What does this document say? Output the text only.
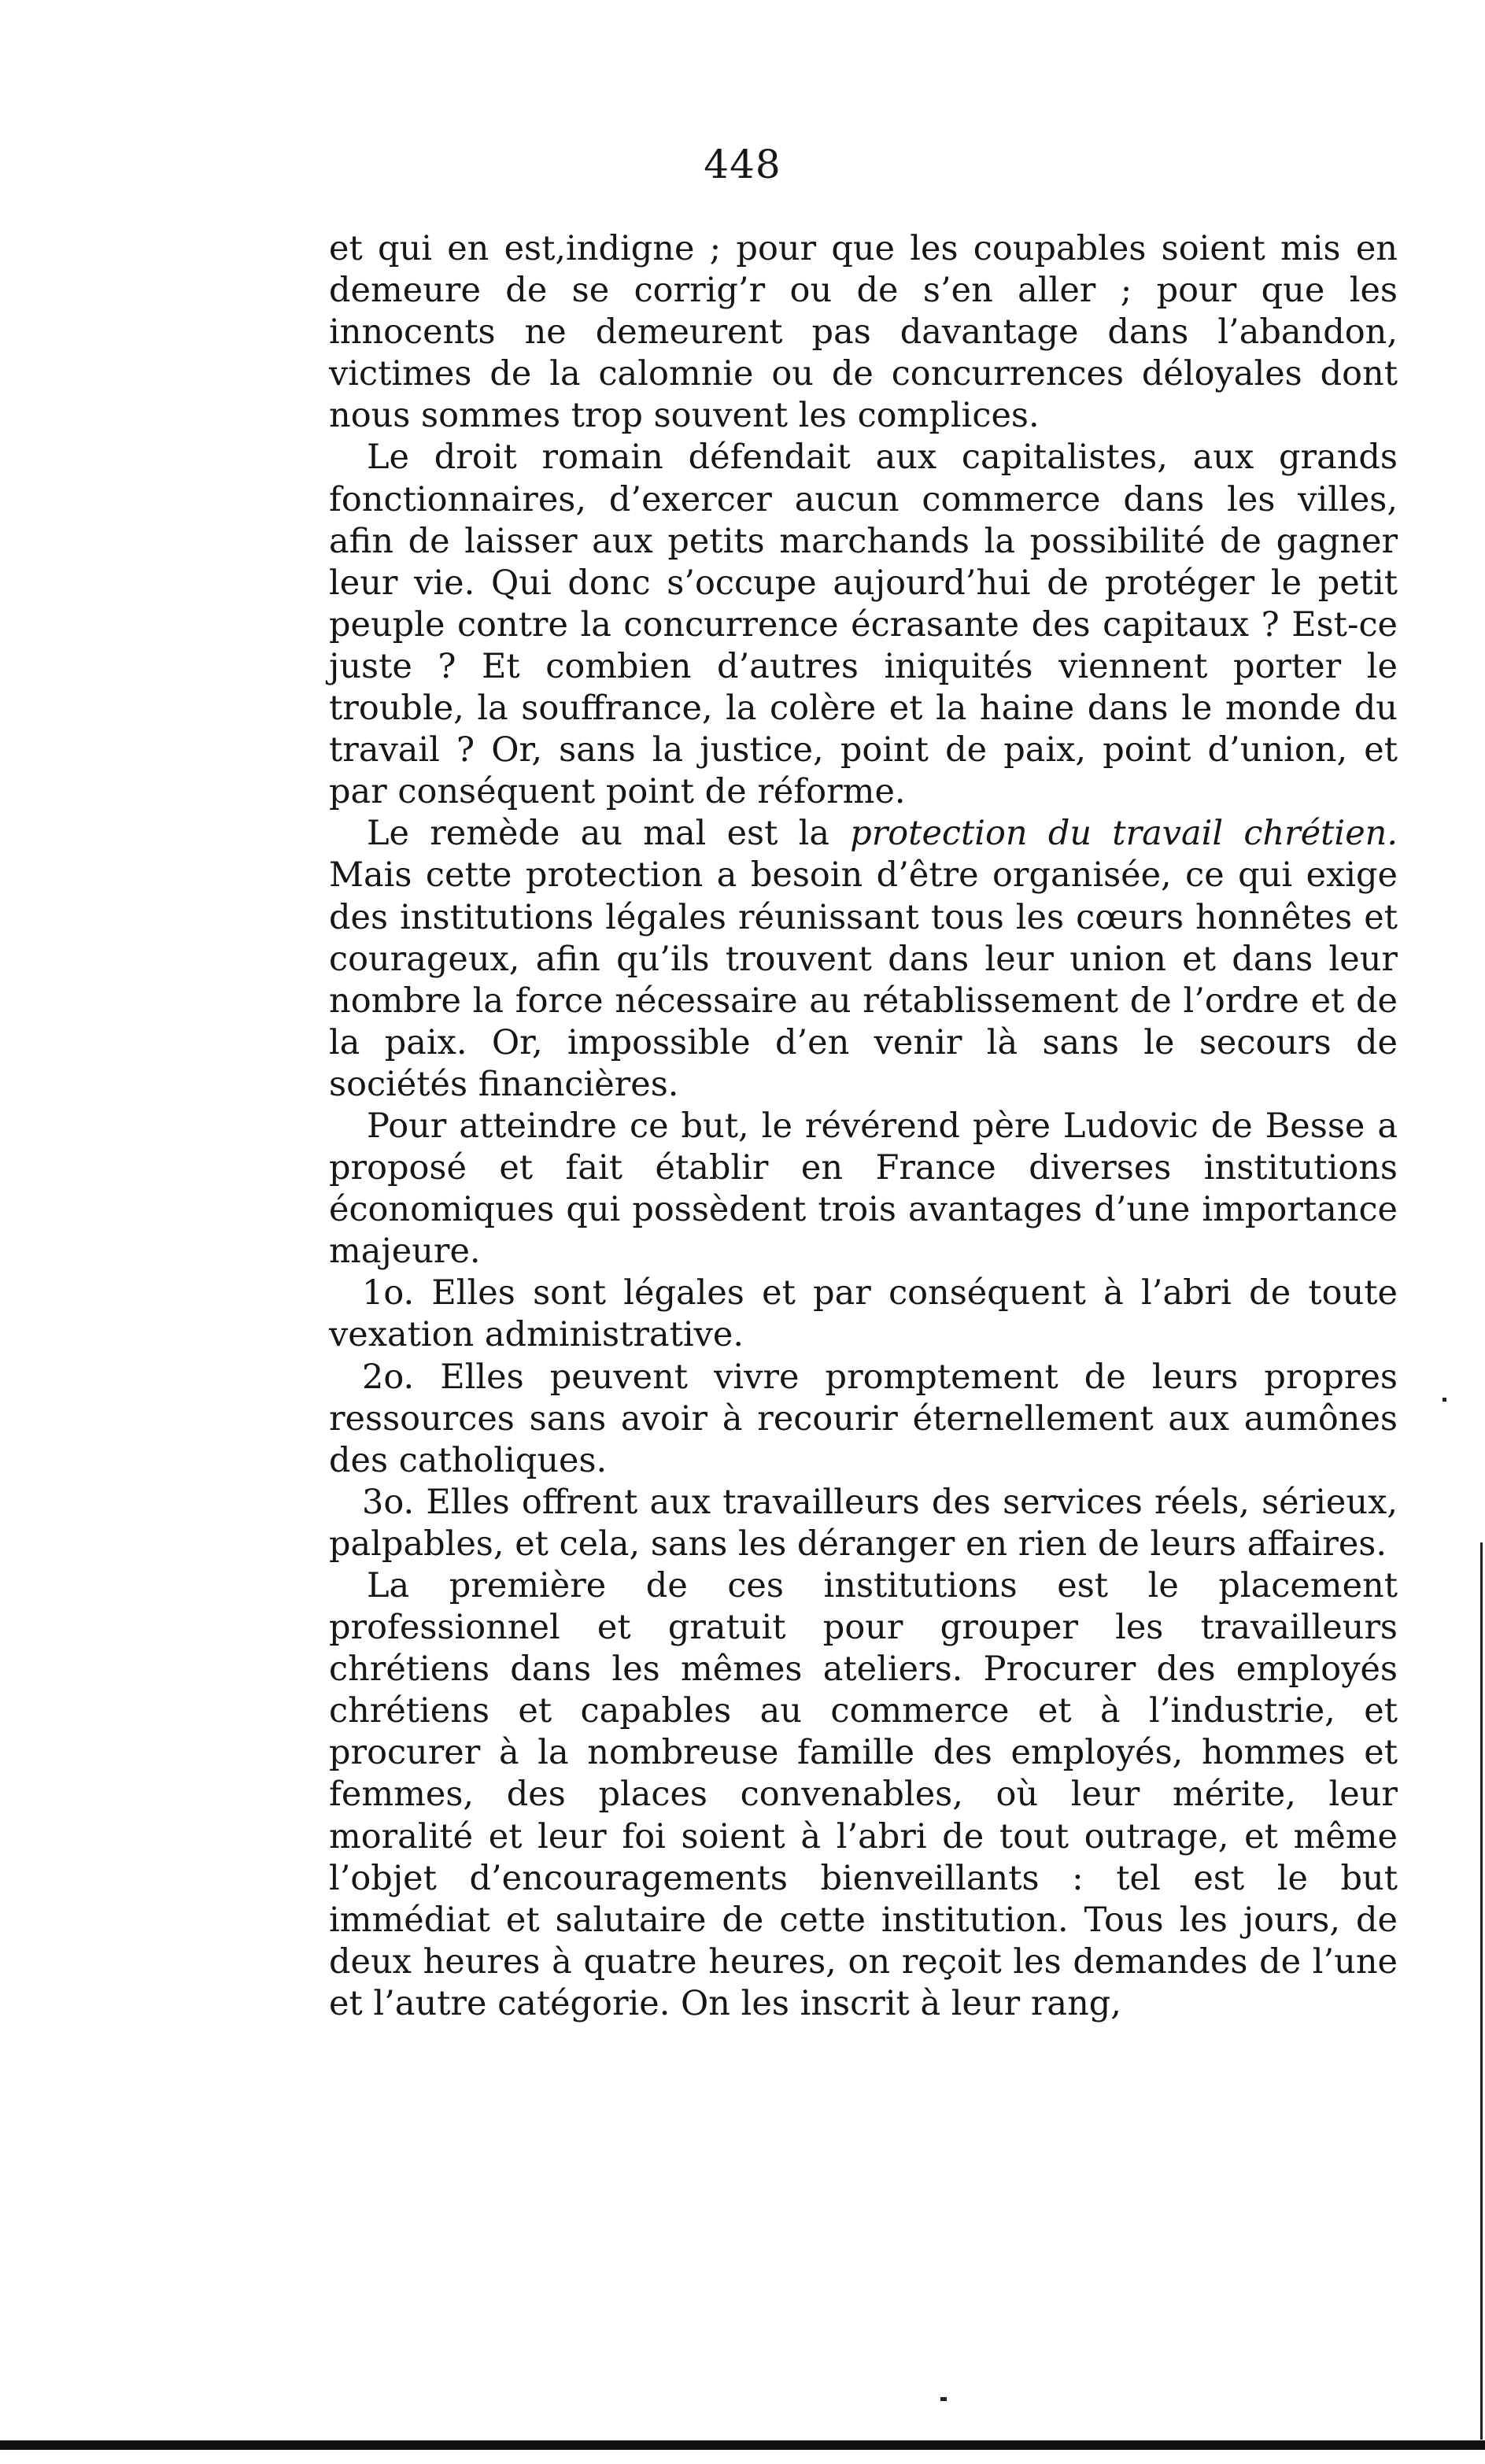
448

et qui en est,indigne ; pour que les coupables soient mis en demeure de se corrig’r ou de s’en aller ; pour que les innocents ne demeurent pas davantage dans l’abandon, victimes de la calomnie ou de concurrences déloyales dont nous sommes trop souvent les complices.

Le droit romain défendait aux capitalistes, aux grands fonctionnaires, d’exercer aucun commerce dans les villes, afin de laisser aux petits marchands la possibilité de gagner leur vie. Qui donc s’occupe aujourd’hui de protéger le petit peuple contre la concurrence écrasante des capitaux ? Est-ce juste ? Et combien d’autres iniquités viennent porter le trouble, la souffrance, la colère et la haine dans le monde du travail ? Or, sans la justice, point de paix, point d’union, et par conséquent point de réforme.

Le remède au mal est la protection du travail chrétien. Mais cette protection a besoin d’être organisée, ce qui exige des institutions légales réunissant tous les cœurs honnêtes et courageux, afin qu’ils trouvent dans leur union et dans leur nombre la force nécessaire au rétablissement de l’ordre et de la paix. Or, impossible d’en venir là sans le secours de sociétés financières.

Pour atteindre ce but, le révérend père Ludovic de Besse a proposé et fait établir en France diverses institutions économiques qui possèdent trois avantages d’une importance majeure.

1o. Elles sont légales et par conséquent à l’abri de toute vexation administrative.

2o. Elles peuvent vivre promptement de leurs propres ressources sans avoir à recourir éternellement aux aumônes des catholiques.

3o. Elles offrent aux travailleurs des services réels, sérieux, palpables, et cela, sans les déranger en rien de leurs affaires.

La première de ces institutions est le placement professionnel et gratuit pour grouper les travailleurs chrétiens dans les mêmes ateliers. Procurer des employés chrétiens et capables au commerce et à l’industrie, et procurer à la nombreuse famille des employés, hommes et femmes, des places convenables, où leur mérite, leur moralité et leur foi soient à l’abri de tout outrage, et même l’objet d’encouragements bienveillants : tel est le but immédiat et salutaire de cette institution. Tous les jours, de deux heures à quatre heures, on reçoit les demandes de l’une et l’autre catégorie. On les inscrit à leur rang,
